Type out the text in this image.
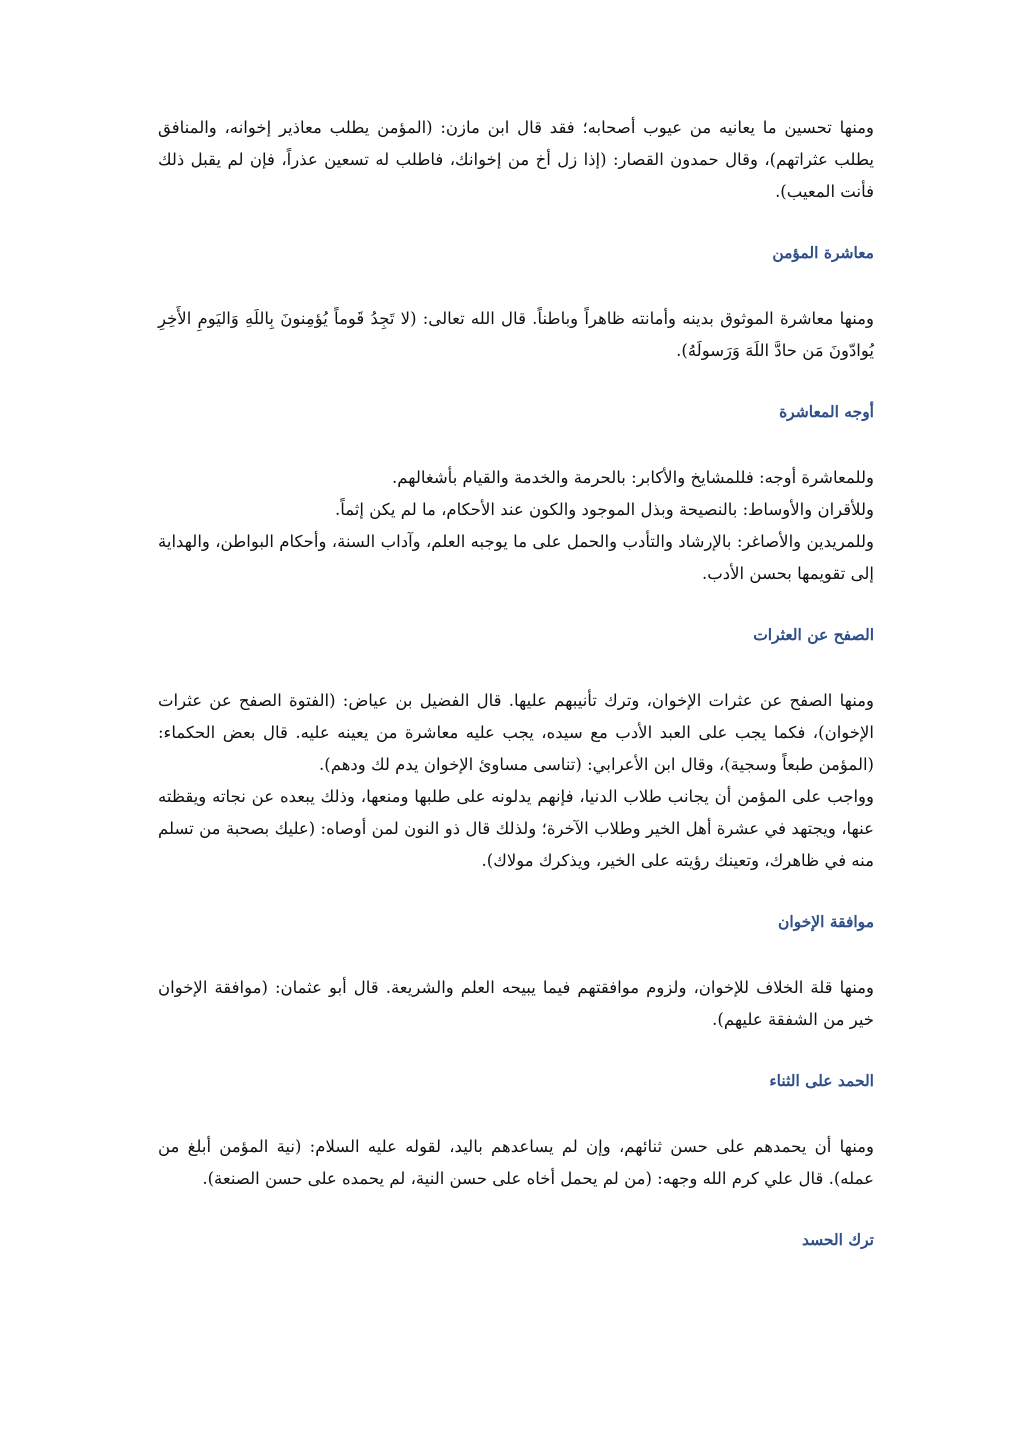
ومنها تحسين ما يعانيه من عيوب أصحابه؛ فقد قال ابن مازن: (المؤمن يطلب معاذير إخوانه، والمنافق يطلب عثراتهم)، وقال حمدون القصار: (إذا زل أخ من إخوانك، فاطلب له تسعين عذراً، فإن لم يقبل ذلك فأنت المعيب).

معاشرة المؤمن

ومنها معاشرة الموثوق بدينه وأمانته ظاهراً وباطناً. قال الله تعالى: (لا تَجِدُ قَوماً يُؤمِنونَ بِاللَهِ وَاليَومِ الأَخِرِ يُوادّونَ مَن حادَّ اللَهَ وَرَسولَهُ).

أوجه المعاشرة

وللمعاشرة أوجه: فللمشايخ والأكابر: بالحرمة والخدمة والقيام بأشغالهم.

وللأقران والأوساط: بالنصيحة وبذل الموجود والكون عند الأحكام، ما لم يكن إثماً.

وللمريدين والأصاغر: بالإرشاد والتأدب والحمل على ما يوجبه العلم، وآداب السنة، وأحكام البواطن، والهداية إلى تقويمها بحسن الأدب.

الصفح عن العثرات

ومنها الصفح عن عثرات الإخوان، وترك تأنيبهم عليها. قال الفضيل بن عياض: (الفتوة الصفح عن عثرات الإخوان)، فكما يجب على العبد الأدب مع سيده، يجب عليه معاشرة من يعينه عليه. قال بعض الحكماء: (المؤمن طبعاً وسجية)، وقال ابن الأعرابي: (تناسى مساوئ الإخوان يدم لك ودهم).

وواجب على المؤمن أن يجانب طلاب الدنيا، فإنهم يدلونه على طلبها ومنعها، وذلك يبعده عن نجاته ويقظته عنها، ويجتهد في عشرة أهل الخير وطلاب الآخرة؛ ولذلك قال ذو النون لمن أوصاه: (عليك بصحبة من تسلم منه في ظاهرك، وتعينك رؤيته على الخير، ويذكرك مولاك).

موافقة الإخوان

ومنها قلة الخلاف للإخوان، ولزوم موافقتهم فيما يبيحه العلم والشريعة. قال أبو عثمان: (موافقة الإخوان خير من الشفقة عليهم).

الحمد على الثناء

ومنها أن يحمدهم على حسن ثنائهم، وإن لم يساعدهم باليد، لقوله عليه السلام: (نية المؤمن أبلغ من عمله). قال علي كرم الله وجهه: (من لم يحمل أخاه على حسن النية، لم يحمده على حسن الصنعة).

ترك الحسد
